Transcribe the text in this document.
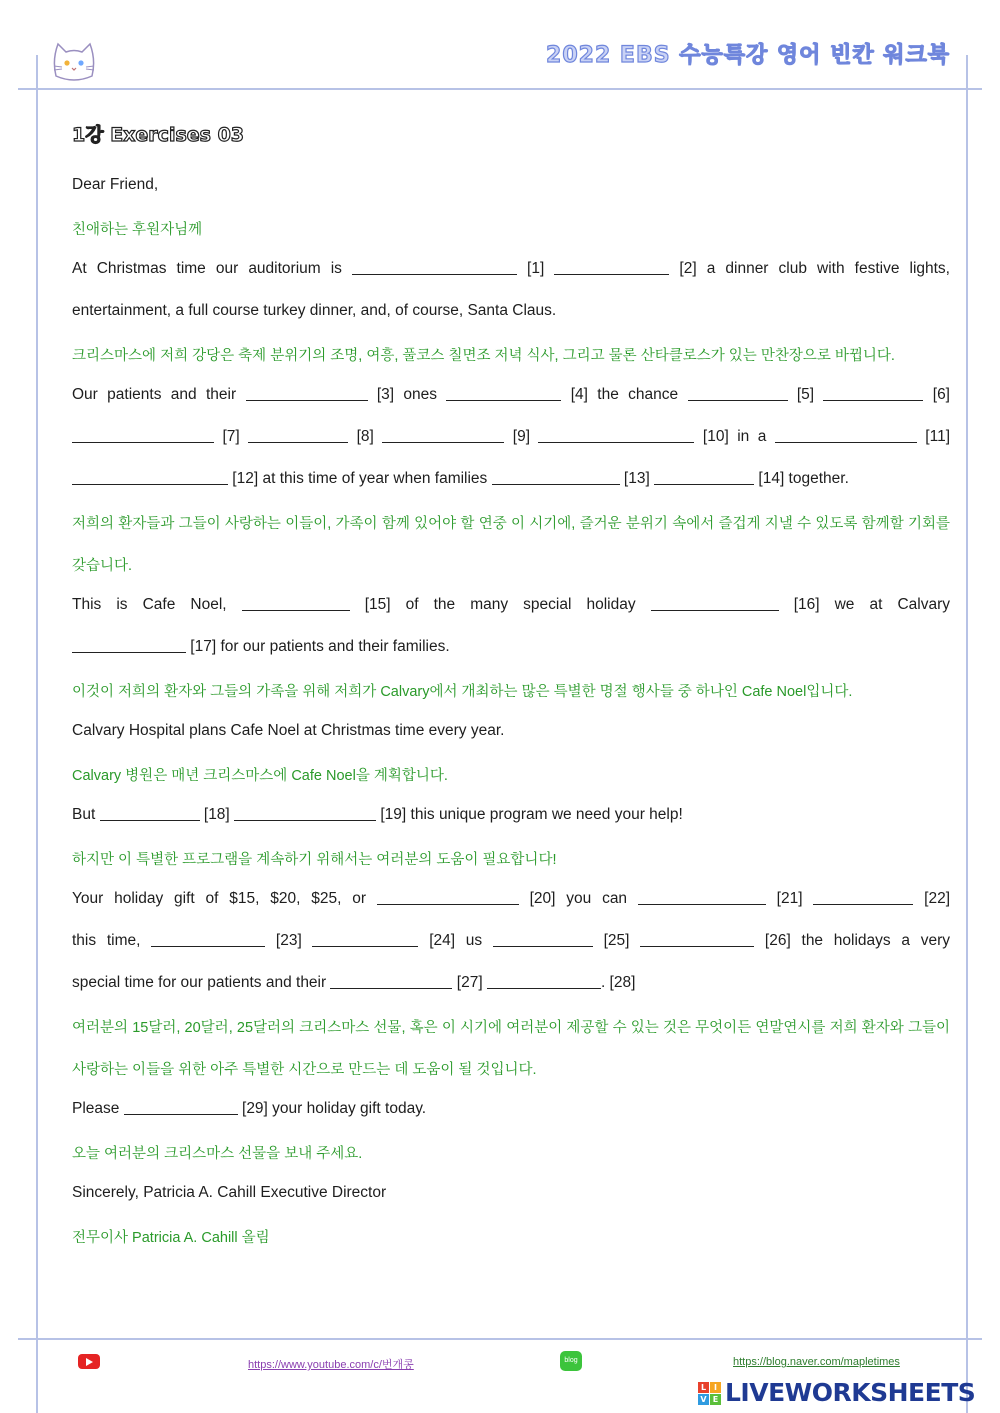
2022 EBS 수능특강 영어 빈칸 워크북
1강 Exercises 03
Dear Friend,
친애하는 후원자님께
At Christmas time our auditorium is	[1]	[2] a dinner club with festive lights,
entertainment, a full course turkey dinner, and, of course, Santa Claus.
크리스마스에 저희 강당은 축제 분위기의 조명, 여흥, 풀코스 칠면조 저녁 식사, 그리고 물론 산타클로스가 있는 만찬장으로 바뀝니다.
Our patients and their	[3] ones	[4] the chance	[5]	[6]
[7]	[8]	[9]	[10] in a	[11]
[12] at this time of year when families	[13]	[14] together.
저희의 환자들과 그들이 사랑하는 이들이, 가족이 함께 있어야 할 연중 이 시기에, 즐거운 분위기 속에서 즐겁게 지낼 수 있도록 함께할 기회를
갖습니다.
This is Cafe Noel,	[15] of the many special holiday	[16] we at Calvary
[17] for our patients and their families.
이것이 저희의 환자와 그들의 가족을 위해 저희가 Calvary에서 개최하는 많은 특별한 명절 행사들 중 하나인 Cafe Noel입니다.
Calvary Hospital plans Cafe Noel at Christmas time every year.
Calvary 병원은 매년 크리스마스에 Cafe Noel을 계획합니다.
But	[18]	[19] this unique program we need your help!
하지만 이 특별한 프로그램을 계속하기 위해서는 여러분의 도움이 필요합니다!
Your holiday gift of $15, $20, $25, or	[20] you can	[21]	[22]
this time,	[23]	[24] us	[25]	[26] the holidays a very
special time for our patients and their	[27]	. [28]
여러분의 15달러, 20달러, 25달러의 크리스마스 선물, 혹은 이 시기에 여러분이 제공할 수 있는 것은 무엇이든 연말연시를 저희 환자와 그들이
사랑하는 이들을 위한 아주 특별한 시간으로 만드는 데 도움이 될 것입니다.
Please	[29] your holiday gift today.
오늘 여러분의 크리스마스 선물을 보내 주세요.
Sincerely, Patricia A. Cahill Executive Director
전무이사 Patricia A. Cahill 올림
https://www.youtube.com/c/번개콩	blog	https://blog.naver.com/mapletimes
L I
V E LIVEWORKSHEETS
